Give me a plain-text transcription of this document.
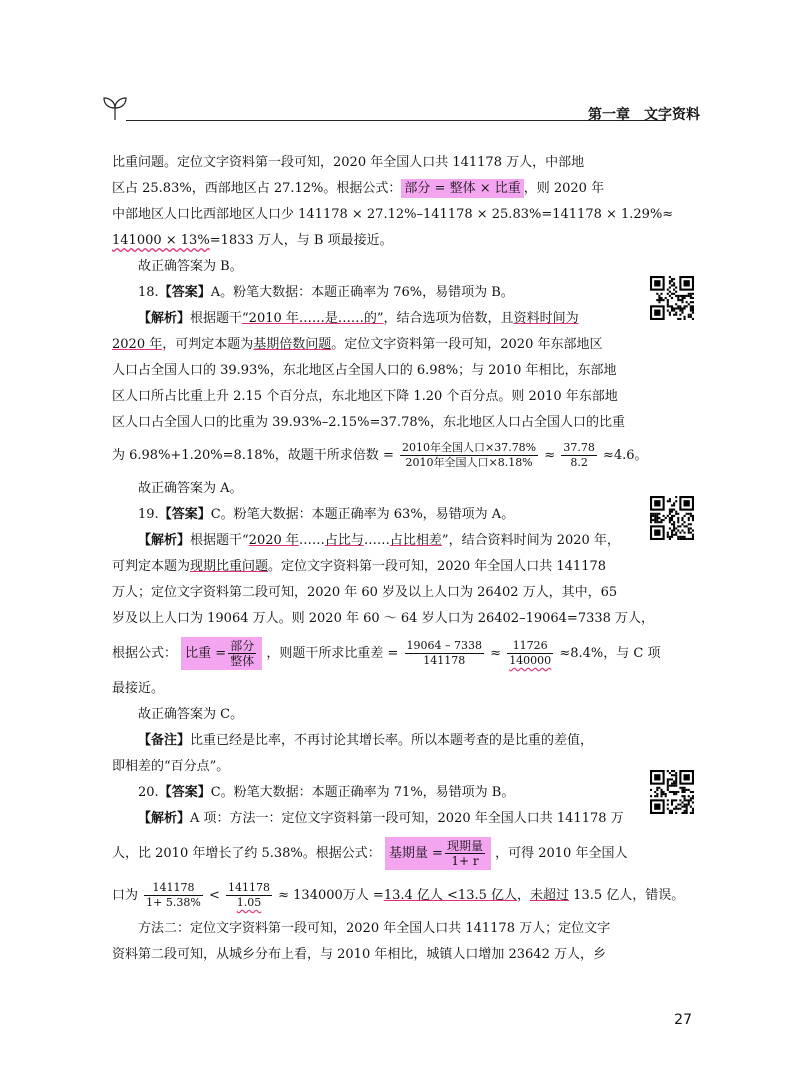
第一章 文字资料
比重问题。定位文字资料第一段可知，2020 年全国人口共 141178 万人，中部地
区占 25.83%，西部地区占 27.12%。根据公式： 部分 = 整体 × 比重 ，则 2020 年
中部地区人口比西部地区人口少 141178 × 27.12%–141178 × 25.83%=141178 × 1.29%≈
141000 × 13%=1833 万人，与 B 项最接近。
故正确答案为 B。
18.【答案】A。粉笔大数据：本题正确率为 76%，易错项为 B。
【解析】根据题干“2010 年……是……的”，结合选项为倍数，且资料时间为
2020 年，可判定本题为基期倍数问题。定位文字资料第一段可知，2020 年东部地区
人口占全国人口的 39.93%，东北地区占全国人口的 6.98%；与 2010 年相比，东部地
区人口所占比重上升 2.15 个百分点，东北地区下降 1.20 个百分点。则 2010 年东部地
区人口占全国人口的比重为 39.93%–2.15%=37.78%，东北地区人口占全国人口的比重
为 6.98%+1.20%=8.18%，故题干所求倍数 = $\frac{\text{2010年全国人口×37.78\%}}{\text{2010年全国人口×8.18\%}} \approx \frac{37.78}{8.2} \approx 4.6$。
故正确答案为 A。
19.【答案】C。粉笔大数据：本题正确率为 63%，易错项为 A。
【解析】根据题干“2020 年……占比与……占比相差”，结合资料时间为 2020 年，
可判定本题为现期比重问题。定位文字资料第一段可知，2020 年全国人口共 141178
万人；定位文字资料第二段可知，2020 年 60 岁及以上人口为 26402 万人，其中，65
岁及以上人口为 19064 万人。则 2020 年 60 ～ 64 岁人口为 26402–19064=7338 万人，
根据公式： 比重 = $\frac{\text{部分}}{\text{整体}}$ ，则题干所求比重差 = $\frac{19064 - 7338}{141178} \approx \frac{11726}{140000} \approx 8.4\%$，与 C 项
最接近。
故正确答案为 C。
【备注】比重已经是比率，不再讨论其增长率。所以本题考查的是比重的差值，
即相差的“百分点”。
20.【答案】C。粉笔大数据：本题正确率为 71%，易错项为 B。
【解析】A 项：方法一：定位文字资料第一段可知，2020 年全国人口共 141178 万
人，比 2010 年增长了约 5.38%。根据公式： 基期量 = $\frac{\text{现期量}}{1+ r}$ ，可得 2010 年全国人
口为 $\frac{141178}{1+ 5.38\%} < \frac{141178}{1.05} \approx 134000$万人 =13.4 亿人 <13.5 亿人，未超过 13.5 亿人，错误。
方法二：定位文字资料第一段可知，2020 年全国人口共 141178 万人；定位文字
资料第二段可知，从城乡分布上看，与 2010 年相比，城镇人口增加 23642 万人，乡
27
